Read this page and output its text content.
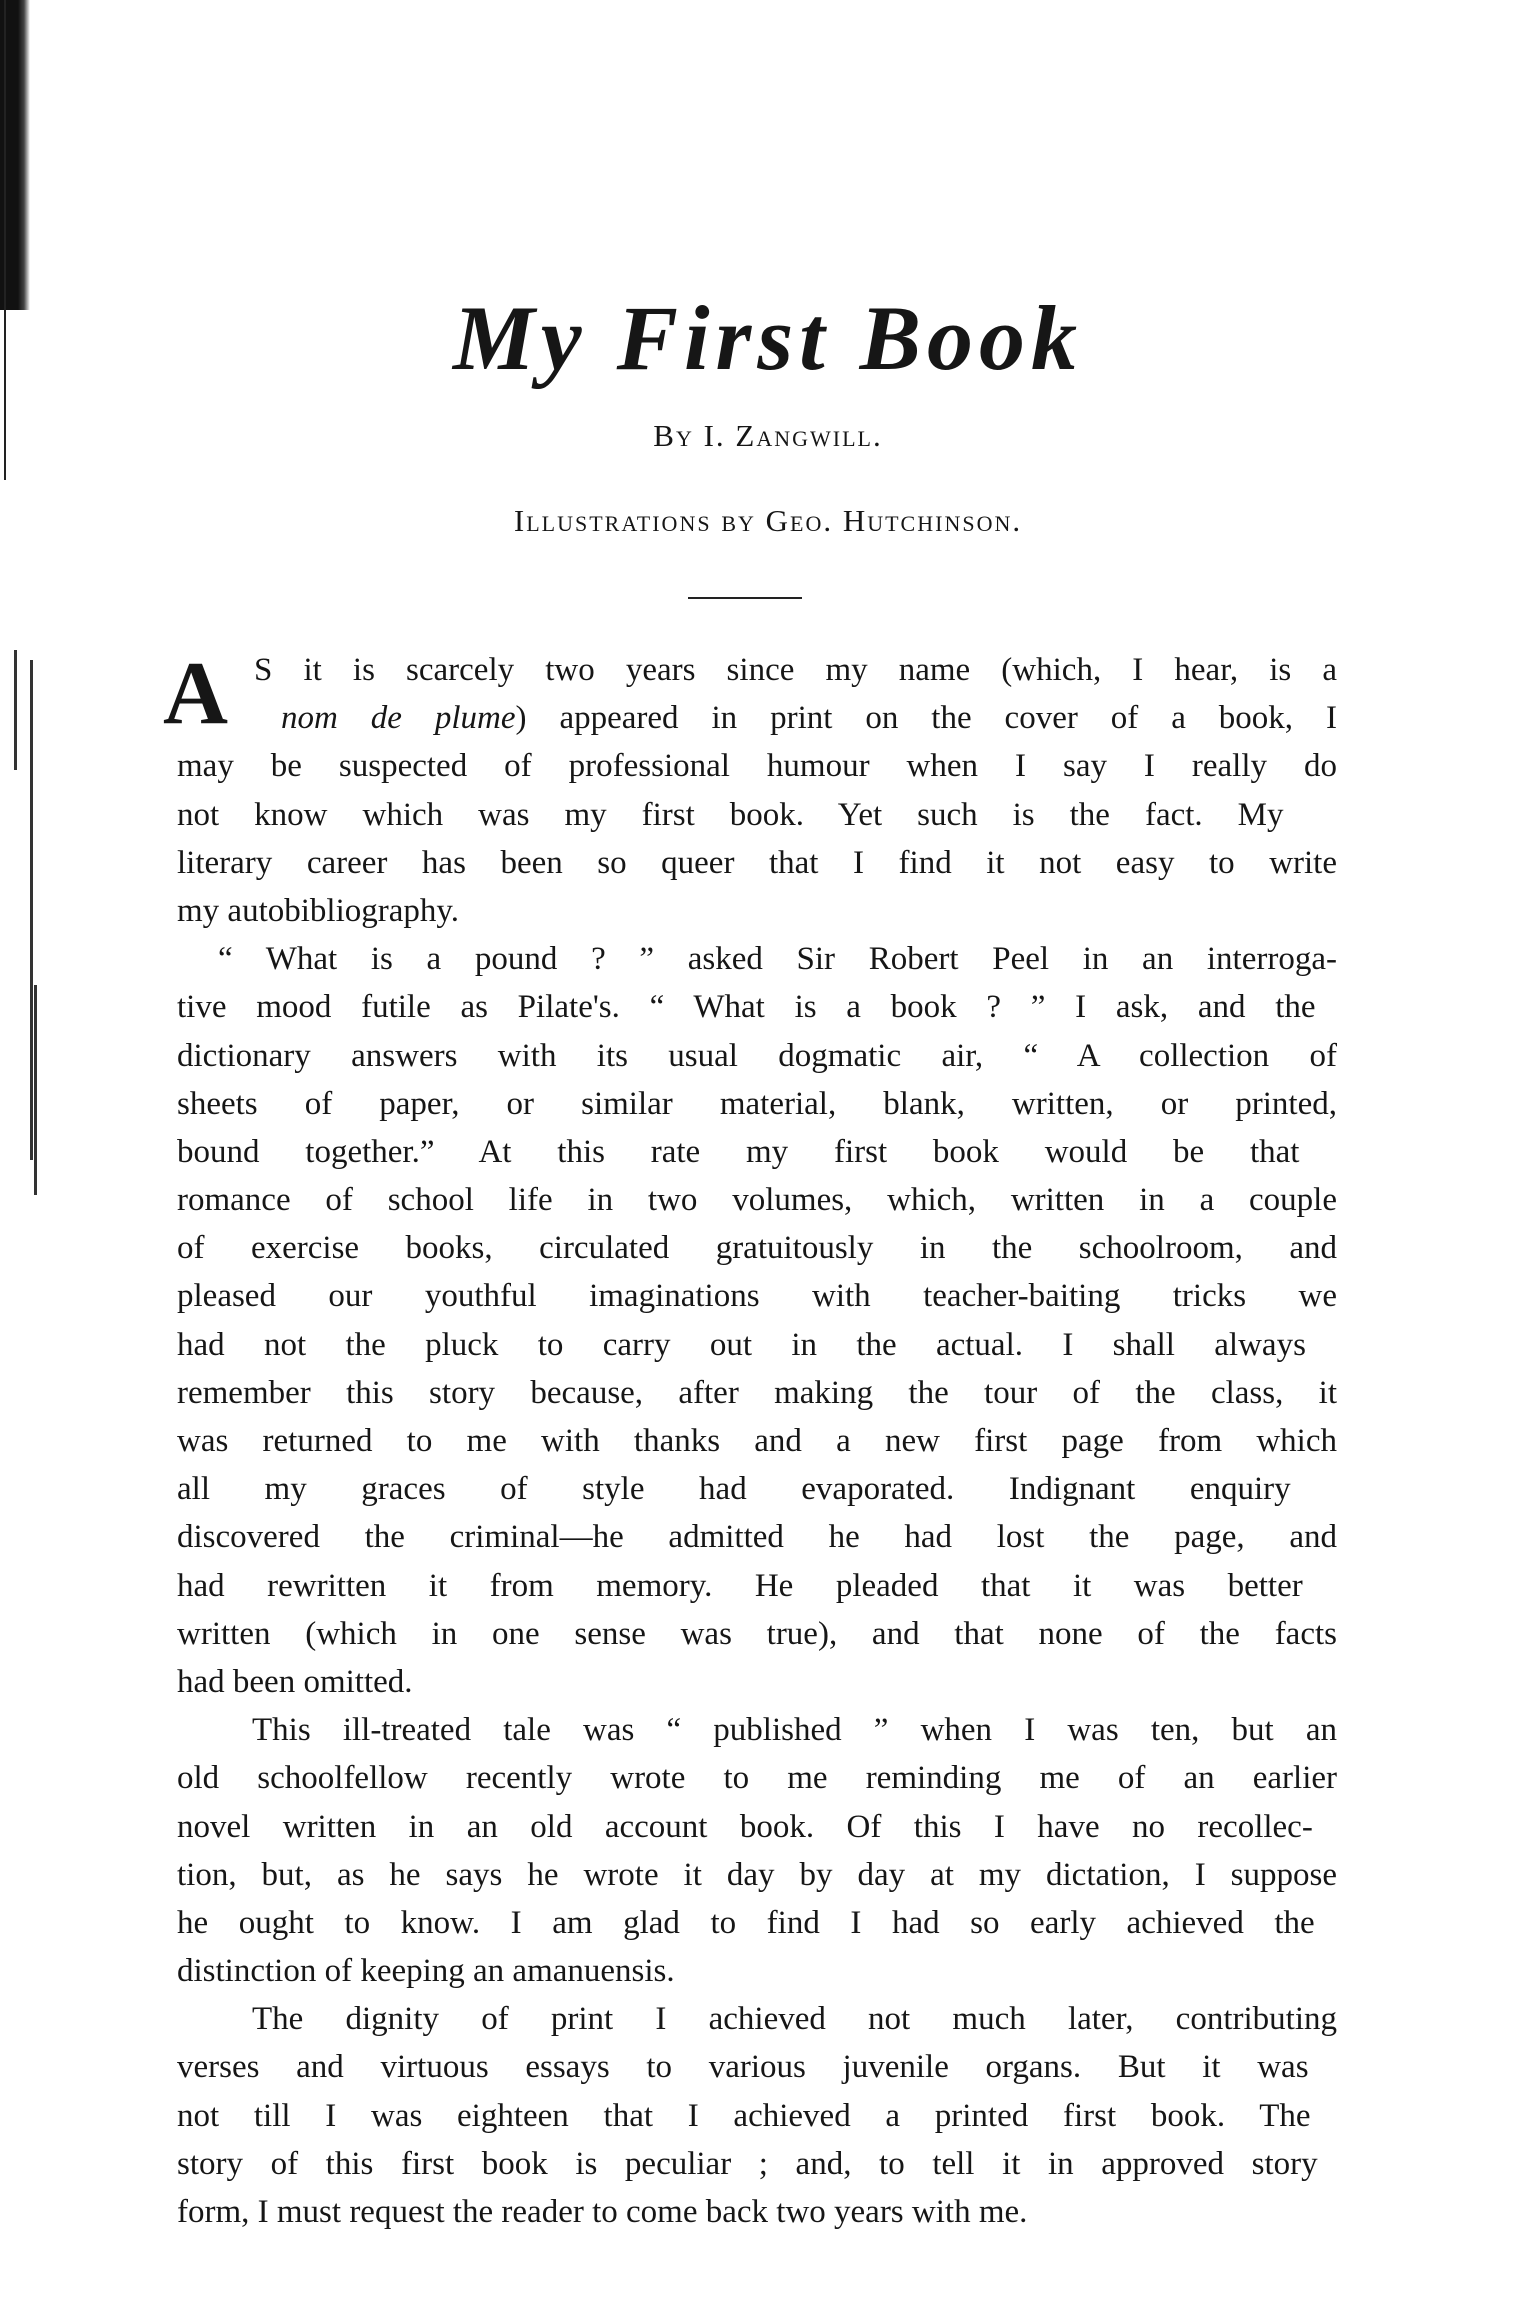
My First Book
By I. Zangwill.
Illustrations by Geo. Hutchinson.
A S it is scarcely two years since my name (which, I hear, is a
nom de plume) appeared in print on the cover of a book, I
may be suspected of professional humour when I say I really do
not know which was my first book. Yet such is the fact. My
literary career has been so queer that I find it not easy to write
my autobibliography.
“ What is a pound ? ” asked Sir Robert Peel in an interroga-
tive mood futile as Pilate's. “ What is a book ? ” I ask, and the
dictionary answers with its usual dogmatic air, “ A collection of
sheets of paper, or similar material, blank, written, or printed,
bound together.” At this rate my first book would be that
romance of school life in two volumes, which, written in a couple
of exercise books, circulated gratuitously in the schoolroom, and
pleased our youthful imaginations with teacher-baiting tricks we
had not the pluck to carry out in the actual. I shall always
remember this story because, after making the tour of the class, it
was returned to me with thanks and a new first page from which
all my graces of style had evaporated. Indignant enquiry
discovered the criminal—he admitted he had lost the page, and
had rewritten it from memory. He pleaded that it was better
written (which in one sense was true), and that none of the facts
had been omitted.
This ill-treated tale was “ published ” when I was ten, but an
old schoolfellow recently wrote to me reminding me of an earlier
novel written in an old account book. Of this I have no recollec-
tion, but, as he says he wrote it day by day at my dictation, I suppose
he ought to know. I am glad to find I had so early achieved the
distinction of keeping an amanuensis.
The dignity of print I achieved not much later, contributing
verses and virtuous essays to various juvenile organs. But it was
not till I was eighteen that I achieved a printed first book. The
story of this first book is peculiar ; and, to tell it in approved story
form, I must request the reader to come back two years with me.
